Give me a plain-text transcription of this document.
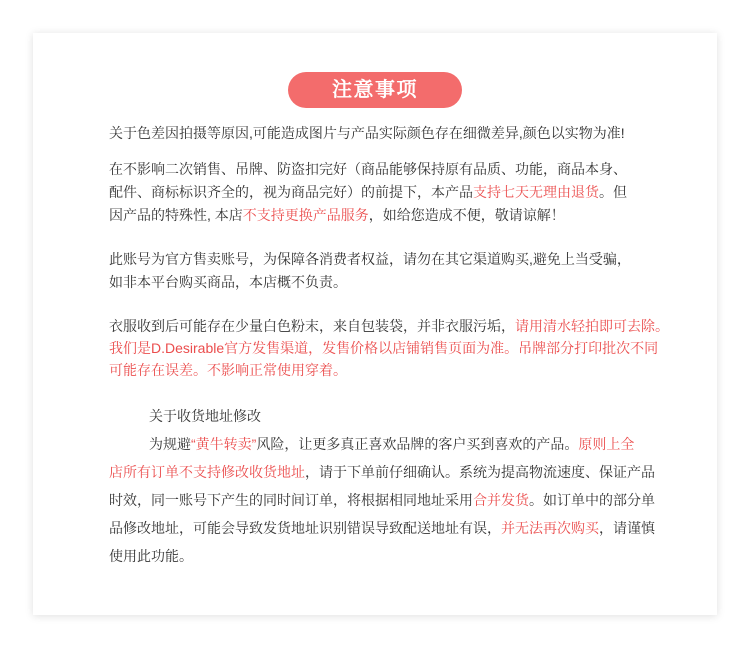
注意事项
关于色差因拍摄等原因,可能造成图片与产品实际颜色存在细微差异,颜色以实物为准!
在不影响二次销售、吊牌、防盗扣完好（商品能够保持原有品质、功能，商品本身、
配件、商标标识齐全的，视为商品完好）的前提下，本产品支持七天无理由退货。但
因产品的特殊性, 本店不支持更换产品服务，如给您造成不便，敬请谅解！
此账号为官方售卖账号，为保障各消费者权益，请勿在其它渠道购买,避免上当受骗，
如非本平台购买商品，本店概不负责。
衣服收到后可能存在少量白色粉末，来自包装袋，并非衣服污垢，请用清水轻拍即可去除。
我们是D.Desirable官方发售渠道，发售价格以店铺销售页面为准。吊牌部分打印批次不同
可能存在误差。不影响正常使用穿着。
关于收货地址修改
为规避“黄牛转卖”风险，让更多真正喜欢品牌的客户买到喜欢的产品。原则上全
店所有订单不支持修改收货地址，请于下单前仔细确认。系统为提高物流速度、保证产品
时效，同一账号下产生的同时间订单，将根据相同地址采用合并发货。如订单中的部分单
品修改地址，可能会导致发货地址识别错误导致配送地址有误，并无法再次购买，请谨慎
使用此功能。
